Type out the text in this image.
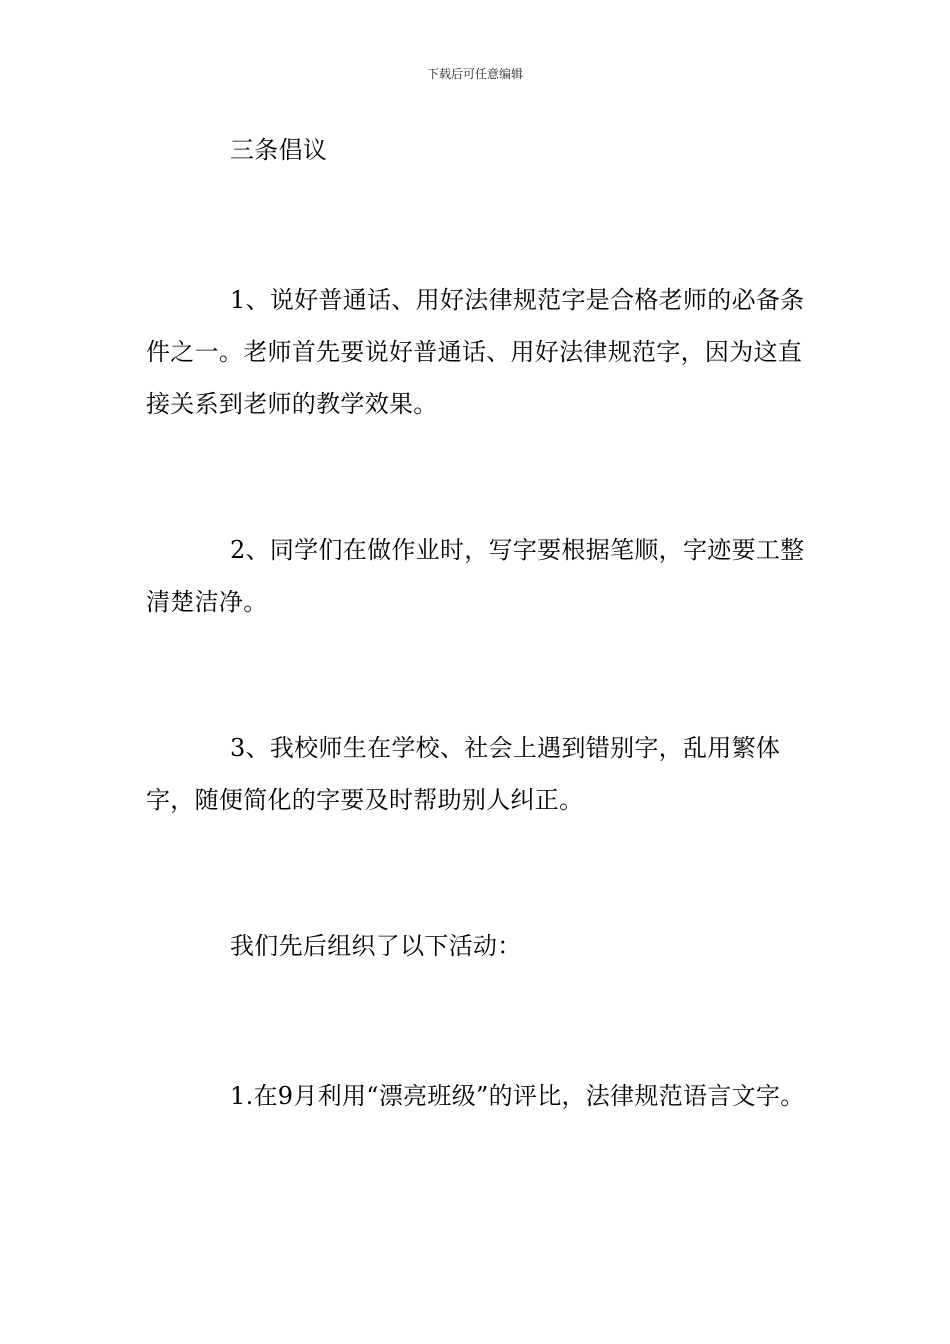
下载后可任意编辑

三条倡议

1、说好普通话、用好法律规范字是合格老师的必备条件之一。老师首先要说好普通话、用好法律规范字，因为这直接关系到老师的教学效果。

2、同学们在做作业时，写字要根据笔顺，字迹要工整清楚洁净。

3、我校师生在学校、社会上遇到错别字，乱用繁体字，随便简化的字要及时帮助别人纠正。

我们先后组织了以下活动：

1.在9月利用“漂亮班级”的评比，法律规范语言文字。
